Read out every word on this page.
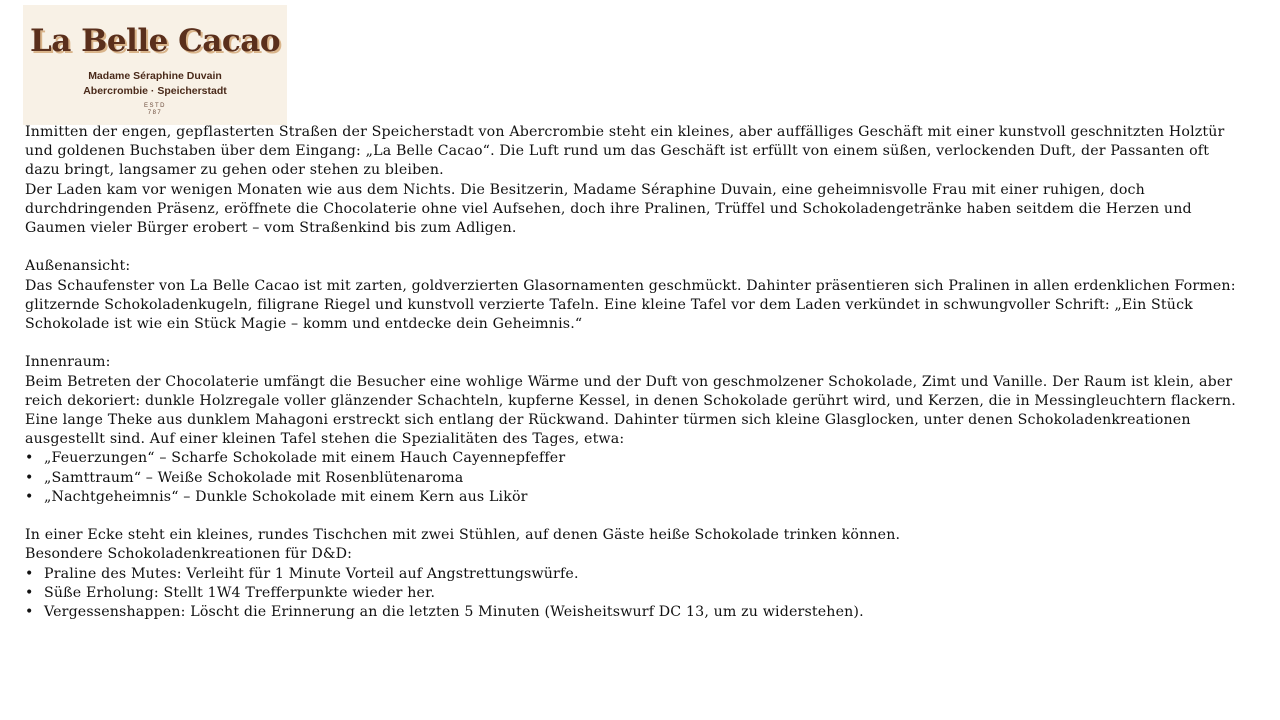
La Belle Cacao
Madame Séraphine Duvain
Abercrombie · Speicherstadt
ESTD
787

Inmitten der engen, gepflasterten Straßen der Speicherstadt von Abercrombie steht ein kleines, aber auffälliges Geschäft mit einer kunstvoll geschnitzten Holztür und goldenen Buchstaben über dem Eingang: „La Belle Cacao“. Die Luft rund um das Geschäft ist erfüllt von einem süßen, verlockenden Duft, der Passanten oft dazu bringt, langsamer zu gehen oder stehen zu bleiben.

Der Laden kam vor wenigen Monaten wie aus dem Nichts. Die Besitzerin, Madame Séraphine Duvain, eine geheimnisvolle Frau mit einer ruhigen, doch durchdringenden Präsenz, eröffnete die Chocolaterie ohne viel Aufsehen, doch ihre Pralinen, Trüffel und Schokoladengetränke haben seitdem die Herzen und Gaumen vieler Bürger erobert – vom Straßenkind bis zum Adligen.

Außenansicht:

Das Schaufenster von La Belle Cacao ist mit zarten, goldverzierten Glasornamenten geschmückt. Dahinter präsentieren sich Pralinen in allen erdenklichen Formen: glitzernde Schokoladenkugeln, filigrane Riegel und kunstvoll verzierte Tafeln. Eine kleine Tafel vor dem Laden verkündet in schwungvoller Schrift: „Ein Stück Schokolade ist wie ein Stück Magie – komm und entdecke dein Geheimnis.“

Innenraum:

Beim Betreten der Chocolaterie umfängt die Besucher eine wohlige Wärme und der Duft von geschmolzener Schokolade, Zimt und Vanille. Der Raum ist klein, aber reich dekoriert: dunkle Holzregale voller glänzender Schachteln, kupferne Kessel, in denen Schokolade gerührt wird, und Kerzen, die in Messingleuchtern flackern.

Eine lange Theke aus dunklem Mahagoni erstreckt sich entlang der Rückwand. Dahinter türmen sich kleine Glasglocken, unter denen Schokoladenkreationen ausgestellt sind. Auf einer kleinen Tafel stehen die Spezialitäten des Tages, etwa:

• „Feuerzungen“ – Scharfe Schokolade mit einem Hauch Cayennepfeffer
• „Samttraum“ – Weiße Schokolade mit Rosenblütenaroma
• „Nachtgeheimnis“ – Dunkle Schokolade mit einem Kern aus Likör

In einer Ecke steht ein kleines, rundes Tischchen mit zwei Stühlen, auf denen Gäste heiße Schokolade trinken können.

Besondere Schokoladenkreationen für D&D:

• Praline des Mutes: Verleiht für 1 Minute Vorteil auf Angstrettungswürfe.
• Süße Erholung: Stellt 1W4 Trefferpunkte wieder her.
• Vergessenshappen: Löscht die Erinnerung an die letzten 5 Minuten (Weisheitswurf DC 13, um zu widerstehen).
